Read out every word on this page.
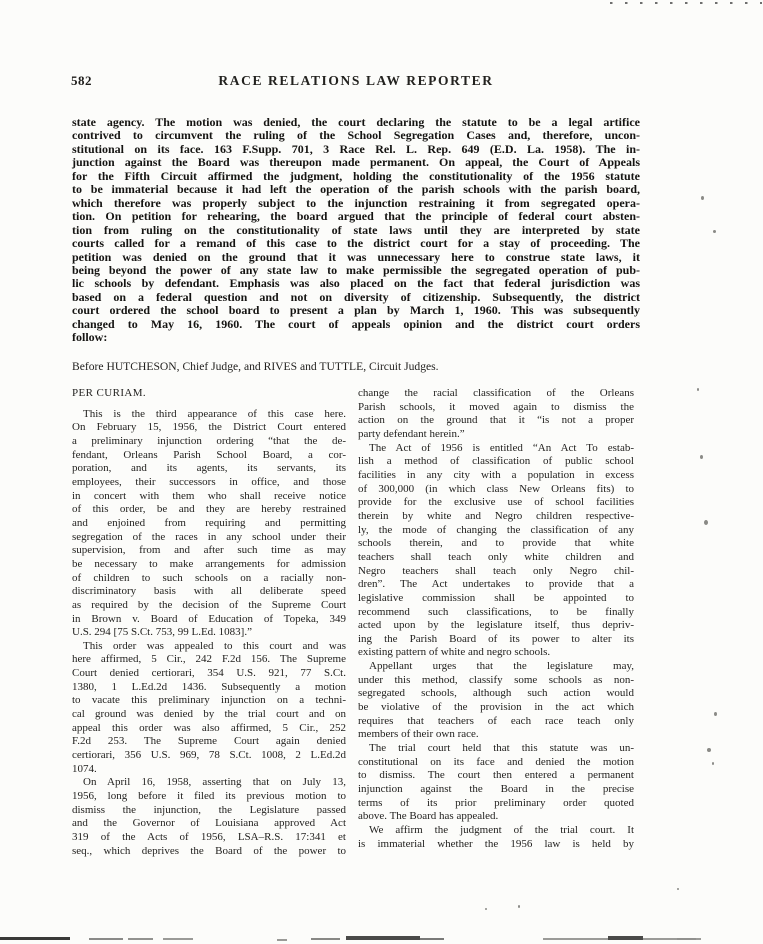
582	RACE RELATIONS LAW REPORTER
state agency. The motion was denied, the court declaring the statute to be a legal artifice
contrived to circumvent the ruling of the School Segregation Cases and, therefore, uncon-
stitutional on its face. 163 F.Supp. 701, 3 Race Rel. L. Rep. 649 (E.D. La. 1958). The in-
junction against the Board was thereupon made permanent. On appeal, the Court of Appeals
for the Fifth Circuit affirmed the judgment, holding the constitutionality of the 1956 statute
to be immaterial because it had left the operation of the parish schools with the parish board,
which therefore was properly subject to the injunction restraining it from segregated opera-
tion. On petition for rehearing, the board argued that the principle of federal court absten-
tion from ruling on the constitutionality of state laws until they are interpreted by state
courts called for a remand of this case to the district court for a stay of proceeding. The
petition was denied on the ground that it was unnecessary here to construe state laws, it
being beyond the power of any state law to make permissible the segregated operation of pub-
lic schools by defendant. Emphasis was also placed on the fact that federal jurisdiction was
based on a federal question and not on diversity of citizenship. Subsequently, the district
court ordered the school board to present a plan by March 1, 1960. This was subsequently
changed to May 16, 1960. The court of appeals opinion and the district court orders
follow:
Before HUTCHESON, Chief Judge, and RIVES and TUTTLE, Circuit Judges.
PER CURIAM.
This is the third appearance of this case here.
On February 15, 1956, the District Court entered
a preliminary injunction ordering “that the de-
fendant, Orleans Parish School Board, a cor-
poration, and its agents, its servants, its
employees, their successors in office, and those
in concert with them who shall receive notice
of this order, be and they are hereby restrained
and enjoined from requiring and permitting
segregation of the races in any school under their
supervision, from and after such time as may
be necessary to make arrangements for admission
of children to such schools on a racially non-
discriminatory basis with all deliberate speed
as required by the decision of the Supreme Court
in Brown v. Board of Education of Topeka, 349
U.S. 294 [75 S.Ct. 753, 99 L.Ed. 1083].”
This order was appealed to this court and was
here affirmed, 5 Cir., 242 F.2d 156. The Supreme
Court denied certiorari, 354 U.S. 921, 77 S.Ct.
1380, 1 L.Ed.2d 1436. Subsequently a motion
to vacate this preliminary injunction on a techni-
cal ground was denied by the trial court and on
appeal this order was also affirmed, 5 Cir., 252
F.2d 253. The Supreme Court again denied
certiorari, 356 U.S. 969, 78 S.Ct. 1008, 2 L.Ed.2d
1074.
On April 16, 1958, asserting that on July 13,
1956, long before it filed its previous motion to
dismiss the injunction, the Legislature passed
and the Governor of Louisiana approved Act
319 of the Acts of 1956, LSA–R.S. 17:341 et
seq., which deprives the Board of the power to
change the racial classification of the Orleans
Parish schools, it moved again to dismiss the
action on the ground that it “is not a proper
party defendant herein.”
The Act of 1956 is entitled “An Act To estab-
lish a method of classification of public school
facilities in any city with a population in excess
of 300,000 (in which class New Orleans fits) to
provide for the exclusive use of school facilities
therein by white and Negro children respective-
ly, the mode of changing the classification of any
schools therein, and to provide that white
teachers shall teach only white children and
Negro teachers shall teach only Negro chil-
dren”. The Act undertakes to provide that a
legislative commission shall be appointed to
recommend such classifications, to be finally
acted upon by the legislature itself, thus depriv-
ing the Parish Board of its power to alter its
existing pattern of white and negro schools.
Appellant urges that the legislature may,
under this method, classify some schools as non-
segregated schools, although such action would
be violative of the provision in the act which
requires that teachers of each race teach only
members of their own race.
The trial court held that this statute was un-
constitutional on its face and denied the motion
to dismiss. The court then entered a permanent
injunction against the Board in the precise
terms of its prior preliminary order quoted
above. The Board has appealed.
We affirm the judgment of the trial court. It
is immaterial whether the 1956 law is held by
